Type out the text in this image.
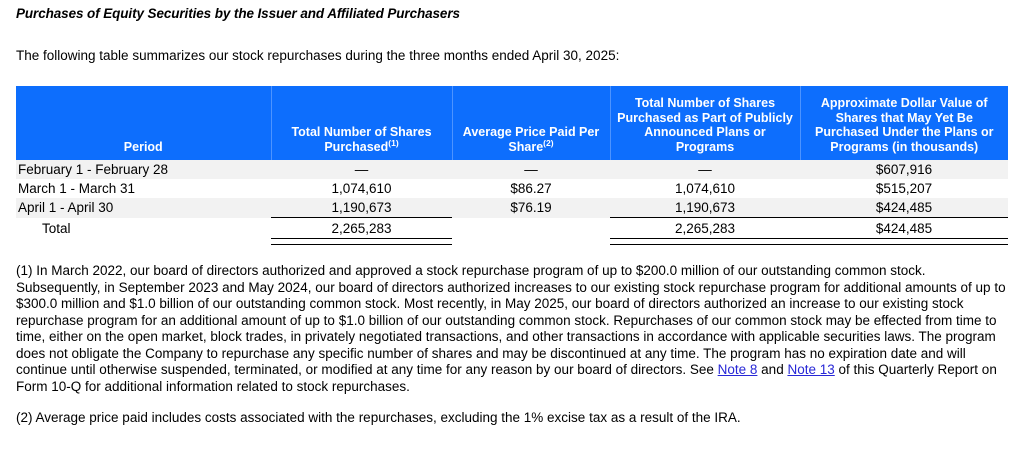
Purchases of Equity Securities by the Issuer and Affiliated Purchasers
The following table summarizes our stock repurchases during the three months ended April 30, 2025:
Period	Total Number of Shares Purchased$^{(1)}$	Average Price Paid Per Share$^{(2)}$	Total Number of Shares Purchased as Part of Publicly Announced Plans or Programs	Approximate Dollar Value of Shares that May Yet Be Purchased Under the Plans or Programs (in thousands)
February 1 - February 28	—	—	—	$607,916
March 1 - March 31	1,074,610	$86.27	1,074,610	$515,207
April 1 - April 30	1,190,673	$76.19	1,190,673	$424,485
Total	2,265,283		2,265,283	$424,485

(1) In March 2022, our board of directors authorized and approved a stock repurchase program of up to $200.0 million of our outstanding common stock. Subsequently, in September 2023 and May 2024, our board of directors authorized increases to our existing stock repurchase program for additional amounts of up to $300.0 million and $1.0 billion of our outstanding common stock. Most recently, in May 2025, our board of directors authorized an increase to our existing stock repurchase program for an additional amount of up to $1.0 billion of our outstanding common stock. Repurchases of our common stock may be effected from time to time, either on the open market, block trades, in privately negotiated transactions, and other transactions in accordance with applicable securities laws. The program does not obligate the Company to repurchase any specific number of shares and may be discontinued at any time. The program has no expiration date and will continue until otherwise suspended, terminated, or modified at any time for any reason by our board of directors. See Note 8 and Note 13 of this Quarterly Report on Form 10-Q for additional information related to stock repurchases.

(2) Average price paid includes costs associated with the repurchases, excluding the 1% excise tax as a result of the IRA.
